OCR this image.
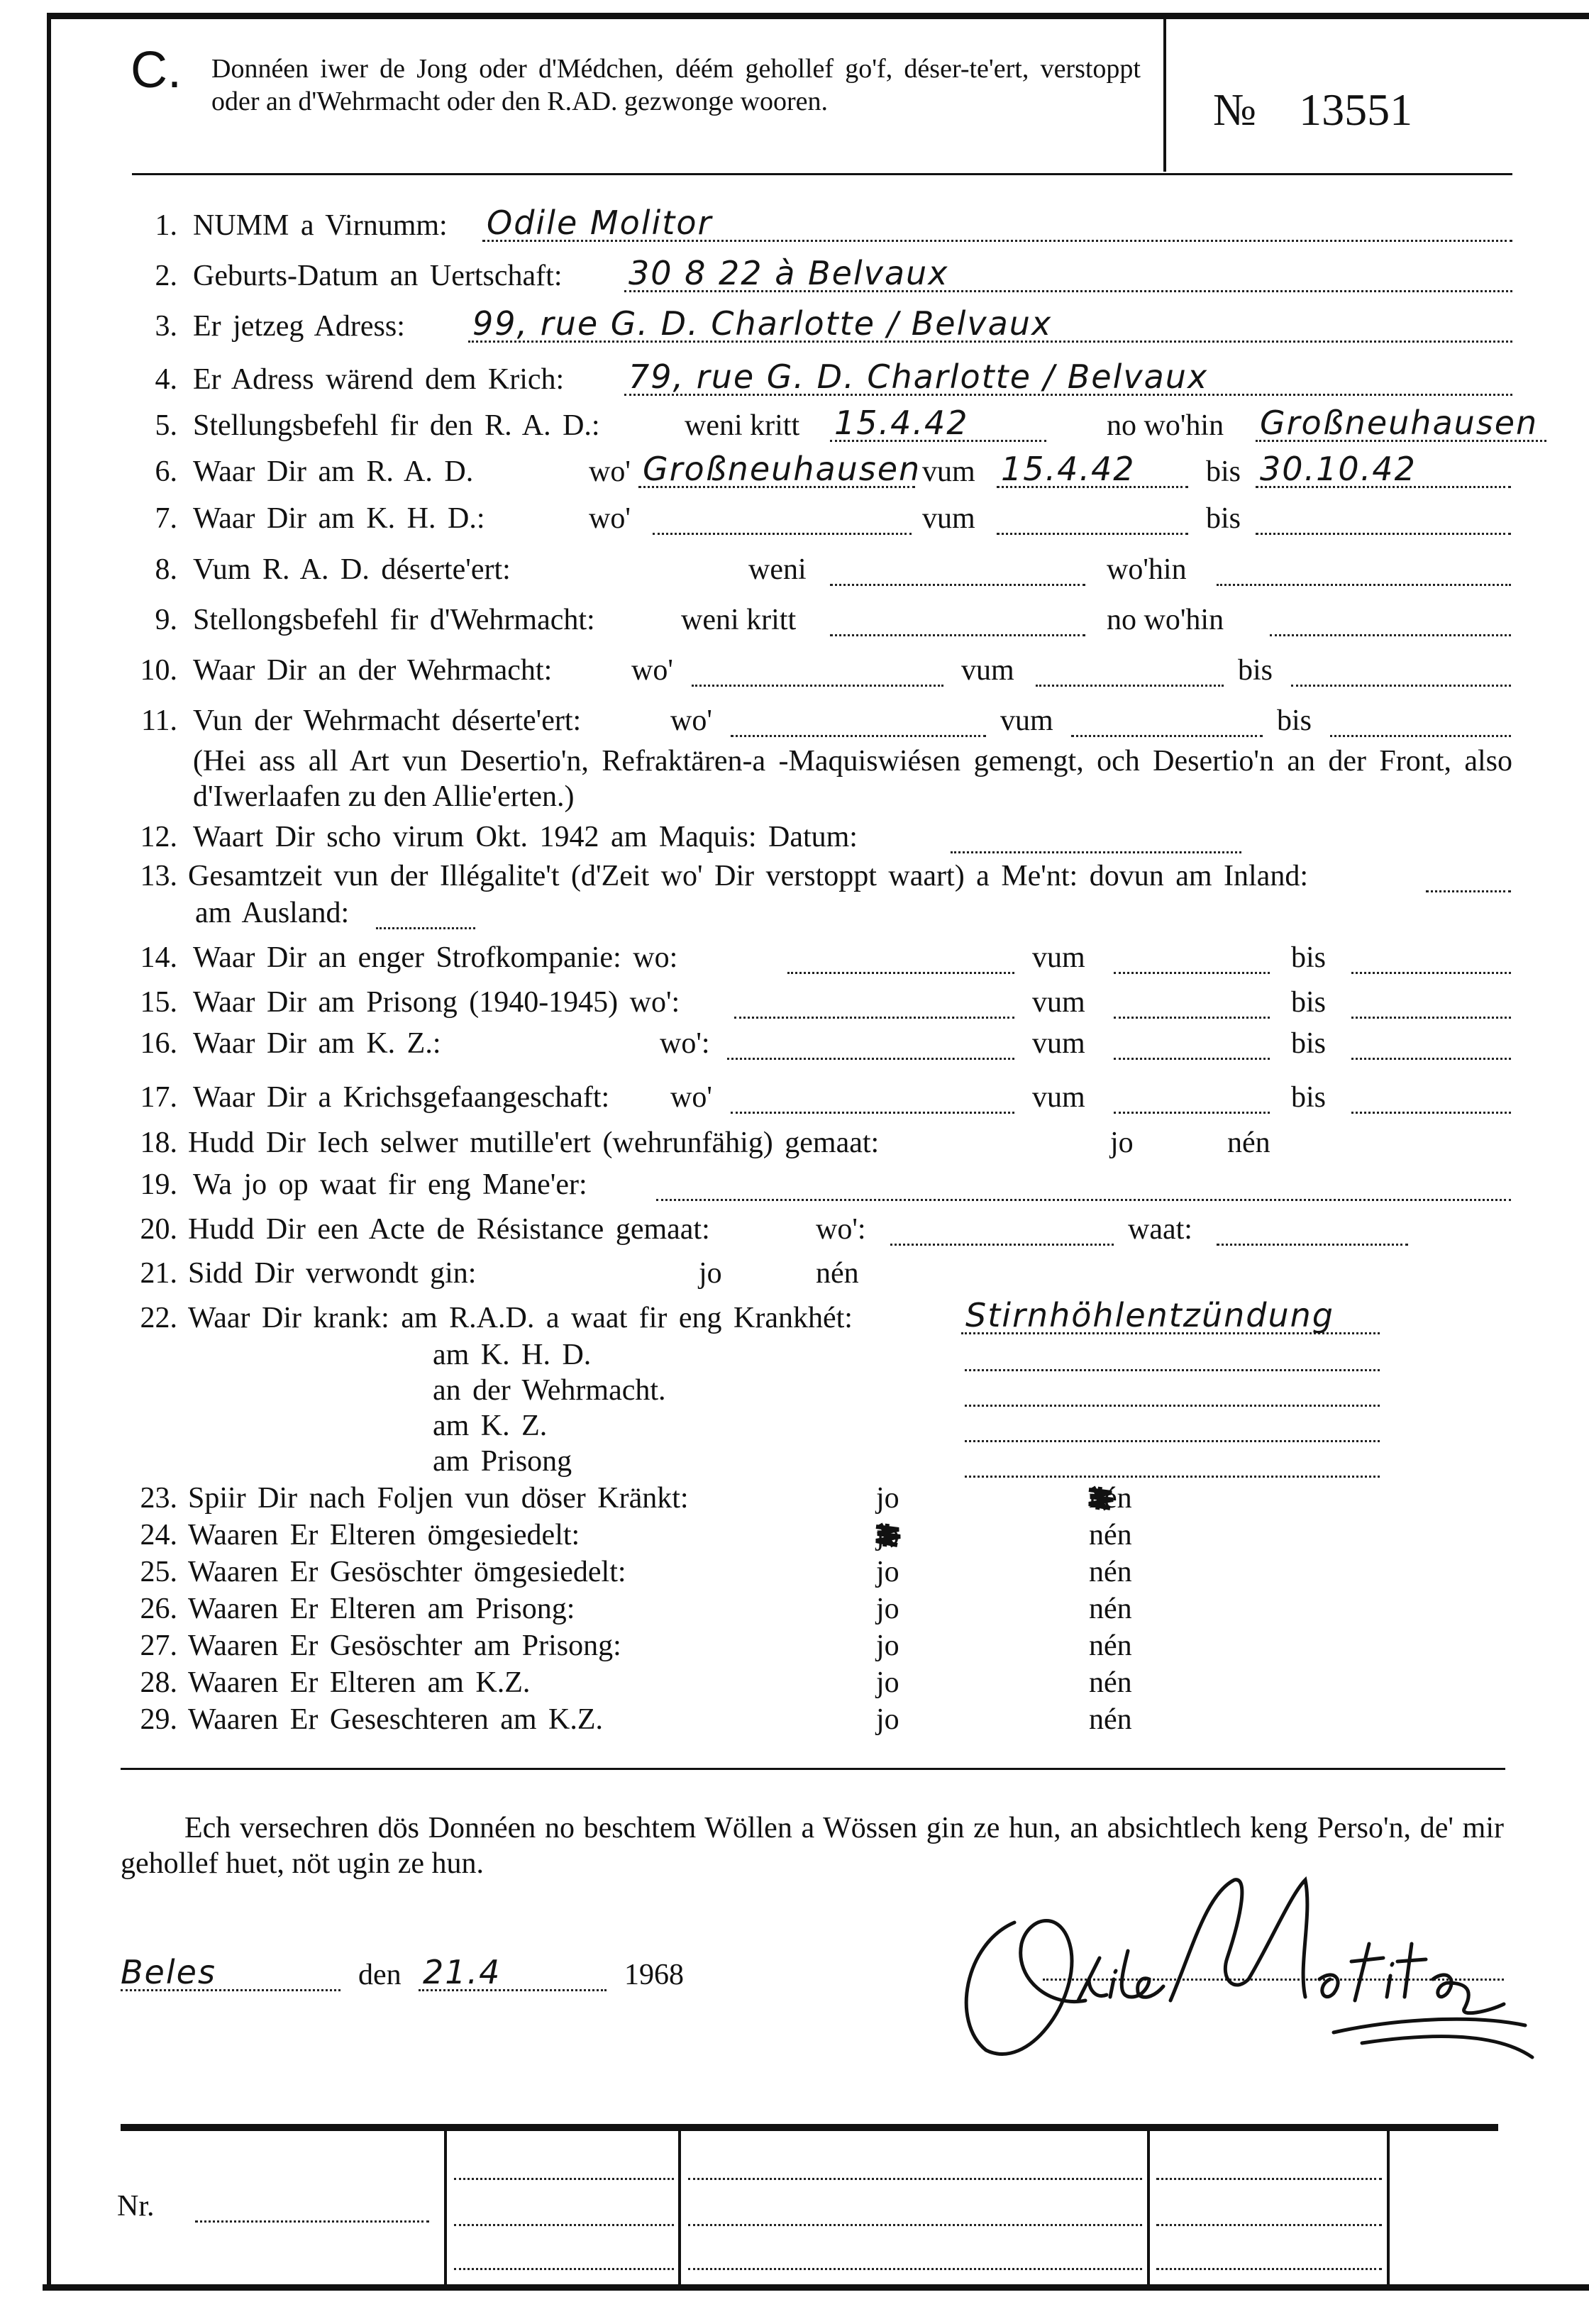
C. Donnéen iwer de Jong oder d'Médchen, déém gehollef go'f, déser-te'ert, verstoppt oder an d'Wehrmacht oder den R.AD. gezwonge wooren.	№ 13551
1. NUMM a Virnumm: Odile Molitor
2. Geburts-Datum an Uertschaft: 30 8 22 à Belvaux
3. Er jetzeg Adress: 99, rue G. D. Charlotte / Belvaux
4. Er Adress wärend dem Krich: 79, rue G. D. Charlotte / Belvaux
5. Stellungsbefehl fir den R. A. D.:	weni kritt 15.4.42	no wo'hin Großneuhausen
6. Waar Dir am R. A. D.	wo' Großneuhausen vum 15.4.42 bis 30.10.42
7. Waar Dir am K. H. D.:	wo'	vum	bis
8. Vum R. A. D. déserte'ert:	weni	wo'hin
9. Stellongsbefehl fir d'Wehrmacht:	weni kritt	no wo'hin
10. Waar Dir an der Wehrmacht:	wo'	vum	bis
11. Vun der Wehrmacht déserte'ert:	wo'	vum	bis
(Hei ass all Art vun Desertio'n, Refraktären-a -Maquiswiésen gemengt, och Desertio'n an der Front, also d'Iwerlaafen zu den Allie'erten.)
12. Waart Dir scho virum Okt. 1942 am Maquis: Datum:
13. Gesamtzeit vun der Illégalite't (d'Zeit wo' Dir verstoppt waart) a Me'nt: dovun am Inland:
am Ausland:
14. Waar Dir an enger Strofkompanie: wo:	vum	bis
15. Waar Dir am Prisong (1940-1945) wo':	vum	bis
16. Waar Dir am K. Z.:	wo':	vum	bis
17. Waar Dir a Krichsgefaangeschaft: wo'	vum	bis
18. Hudd Dir Iech selwer mutille'ert (wehrunfähig) gemaat:	jo	nén
19. Wa jo op waat fir eng Mane'er:
20. Hudd Dir een Acte de Résistance gemaat:	wo':	waat:
21. Sidd Dir verwondt gin:	jo	nén
22. Waar Dir krank: am R.A.D. a waat fir eng Krankhét:	Stirnhöhlentzündung
am K. H. D.
an der Wehrmacht.
am K. Z.
am Prisong
23. Spiir Dir nach Foljen vun döser Kränkt:	jo	nén
24. Waaren Er Elteren ömgesiedelt:	jo	nén
25. Waaren Er Gesöschter ömgesiedelt:	jo	nén
26. Waaren Er Elteren am Prisong:	jo	nén
27. Waaren Er Gesöschter am Prisong:	jo	nén
28. Waaren Er Elteren am K.Z.	jo	nén
29. Waaren Er Geseschteren am K.Z.	jo	nén
Ech versechren dös Donnéen no beschtem Wöllen a Wössen gin ze hun, an absichtlech keng Perso'n, de' mir gehollef huet, nöt ugin ze hun.
Beles	den 21.4	1968
Nr.
